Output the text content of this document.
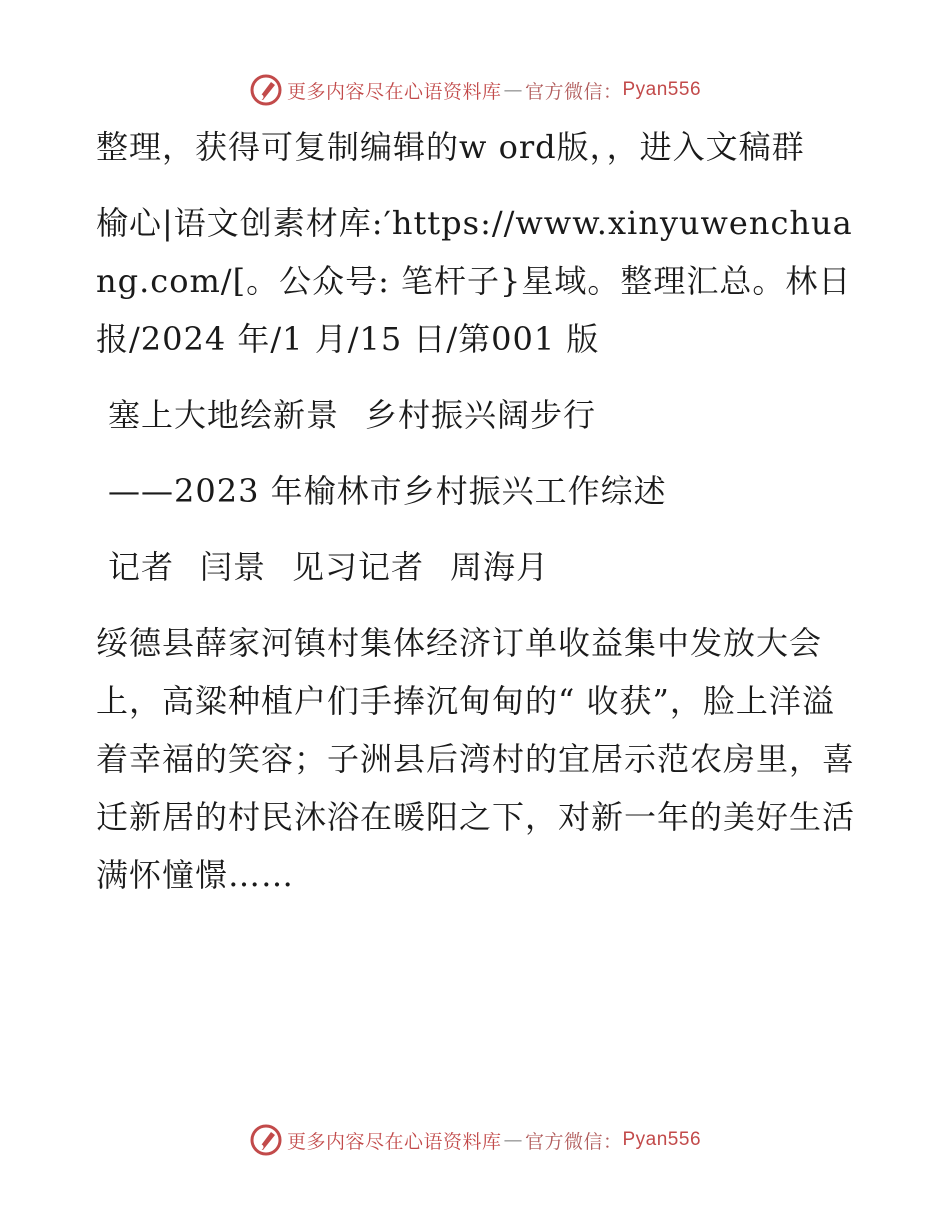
更多内容尽在心语资料库 — 官方微信： Pyan556

整理，获得可复制编辑的w ord版，，进入文稿群

榆心|语文创素材库:′https://www.xinyuwenchuang.com/[。公众号: 笔杆子}星域。整理汇总。林日报/2024 年/1 月/15 日/第001 版

塞上大地绘新景 乡村振兴阔步行

——2023 年榆林市乡村振兴工作综述

记者 闫景 见习记者 周海月

绥德县薛家河镇村集体经济订单收益集中发放大会上，高粱种植户们手捧沉甸甸的“ 收获”，脸上洋溢着幸福的笑容；子洲县后湾村的宜居示范农房里，喜迁新居的村民沐浴在暖阳之下，对新一年的美好生活满怀憧憬……

更多内容尽在心语资料库 — 官方微信： Pyan556
